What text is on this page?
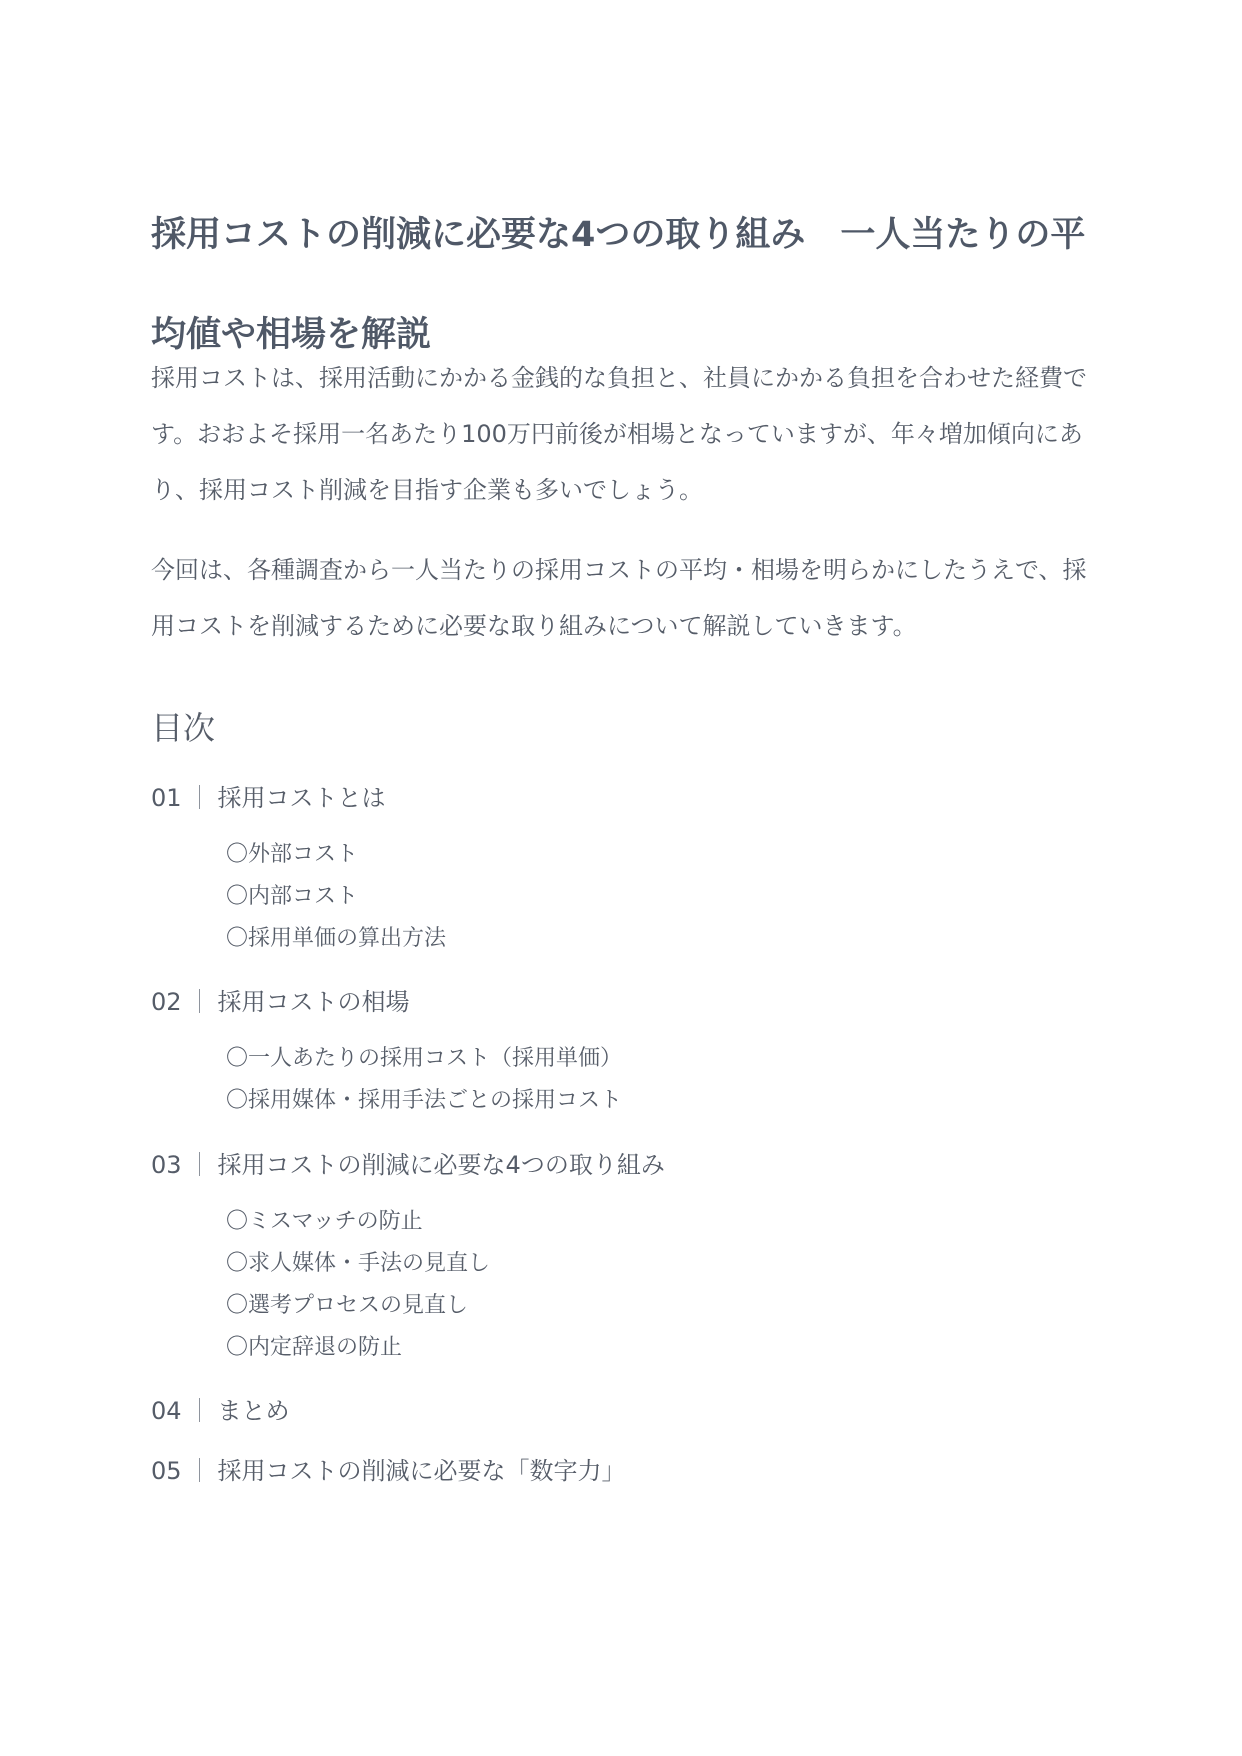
採用コストの削減に必要な4つの取り組み　一人当たりの平均値や相場を解説

採用コストは、採用活動にかかる金銭的な負担と、社員にかかる負担を合わせた経費です。おおよそ採用一名あたり100万円前後が相場となっていますが、年々増加傾向にあり、採用コスト削減を目指す企業も多いでしょう。

今回は、各種調査から一人当たりの採用コストの平均・相場を明らかにしたうえで、採用コストを削減するために必要な取り組みについて解説していきます。

目次

01 ｜ 採用コストとは

〇外部コスト

〇内部コスト

〇採用単価の算出方法

02 ｜ 採用コストの相場

〇一人あたりの採用コスト（採用単価）

〇採用媒体・採用手法ごとの採用コスト

03 ｜ 採用コストの削減に必要な4つの取り組み

〇ミスマッチの防止

〇求人媒体・手法の見直し

〇選考プロセスの見直し

〇内定辞退の防止

04 ｜ まとめ

05 ｜ 採用コストの削減に必要な「数字力」
